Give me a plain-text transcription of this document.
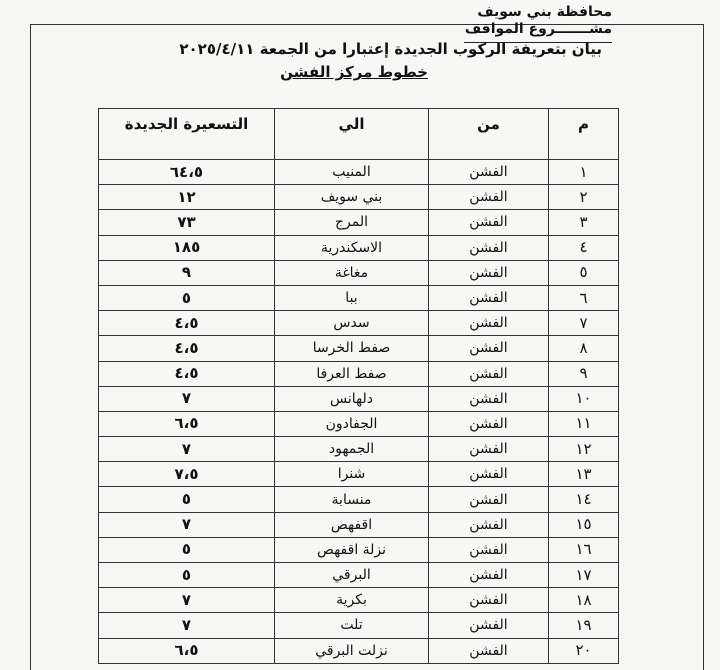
محافظة بني سويف
مشـــــــروع المواقف
بيان بتعريفة الركوب الجديدة إعتبارا من الجمعة ٢٠٢٥/٤/١١
خطوط مركز الفشن
م	من	الي	التسعيرة الجديدة
١	الفشن	المنيب	٦٤،٥
٢	الفشن	بني سويف	١٢
٣	الفشن	المرج	٧٣
٤	الفشن	الاسكندرية	١٨٥
٥	الفشن	مغاغة	٩
٦	الفشن	ببا	٥
٧	الفشن	سدس	٤،٥
٨	الفشن	صفط الخرسا	٤،٥
٩	الفشن	صفط العرفا	٤،٥
١٠	الفشن	دلهانس	٧
١١	الفشن	الجفادون	٦،٥
١٢	الفشن	الجمهود	٧
١٣	الفشن	شنرا	٧،٥
١٤	الفشن	منسابة	٥
١٥	الفشن	اقفهص	٧
١٦	الفشن	نزلة اقفهص	٥
١٧	الفشن	البرقي	٥
١٨	الفشن	بكرية	٧
١٩	الفشن	تلت	٧
٢٠	الفشن	نزلت البرقي	٦،٥
